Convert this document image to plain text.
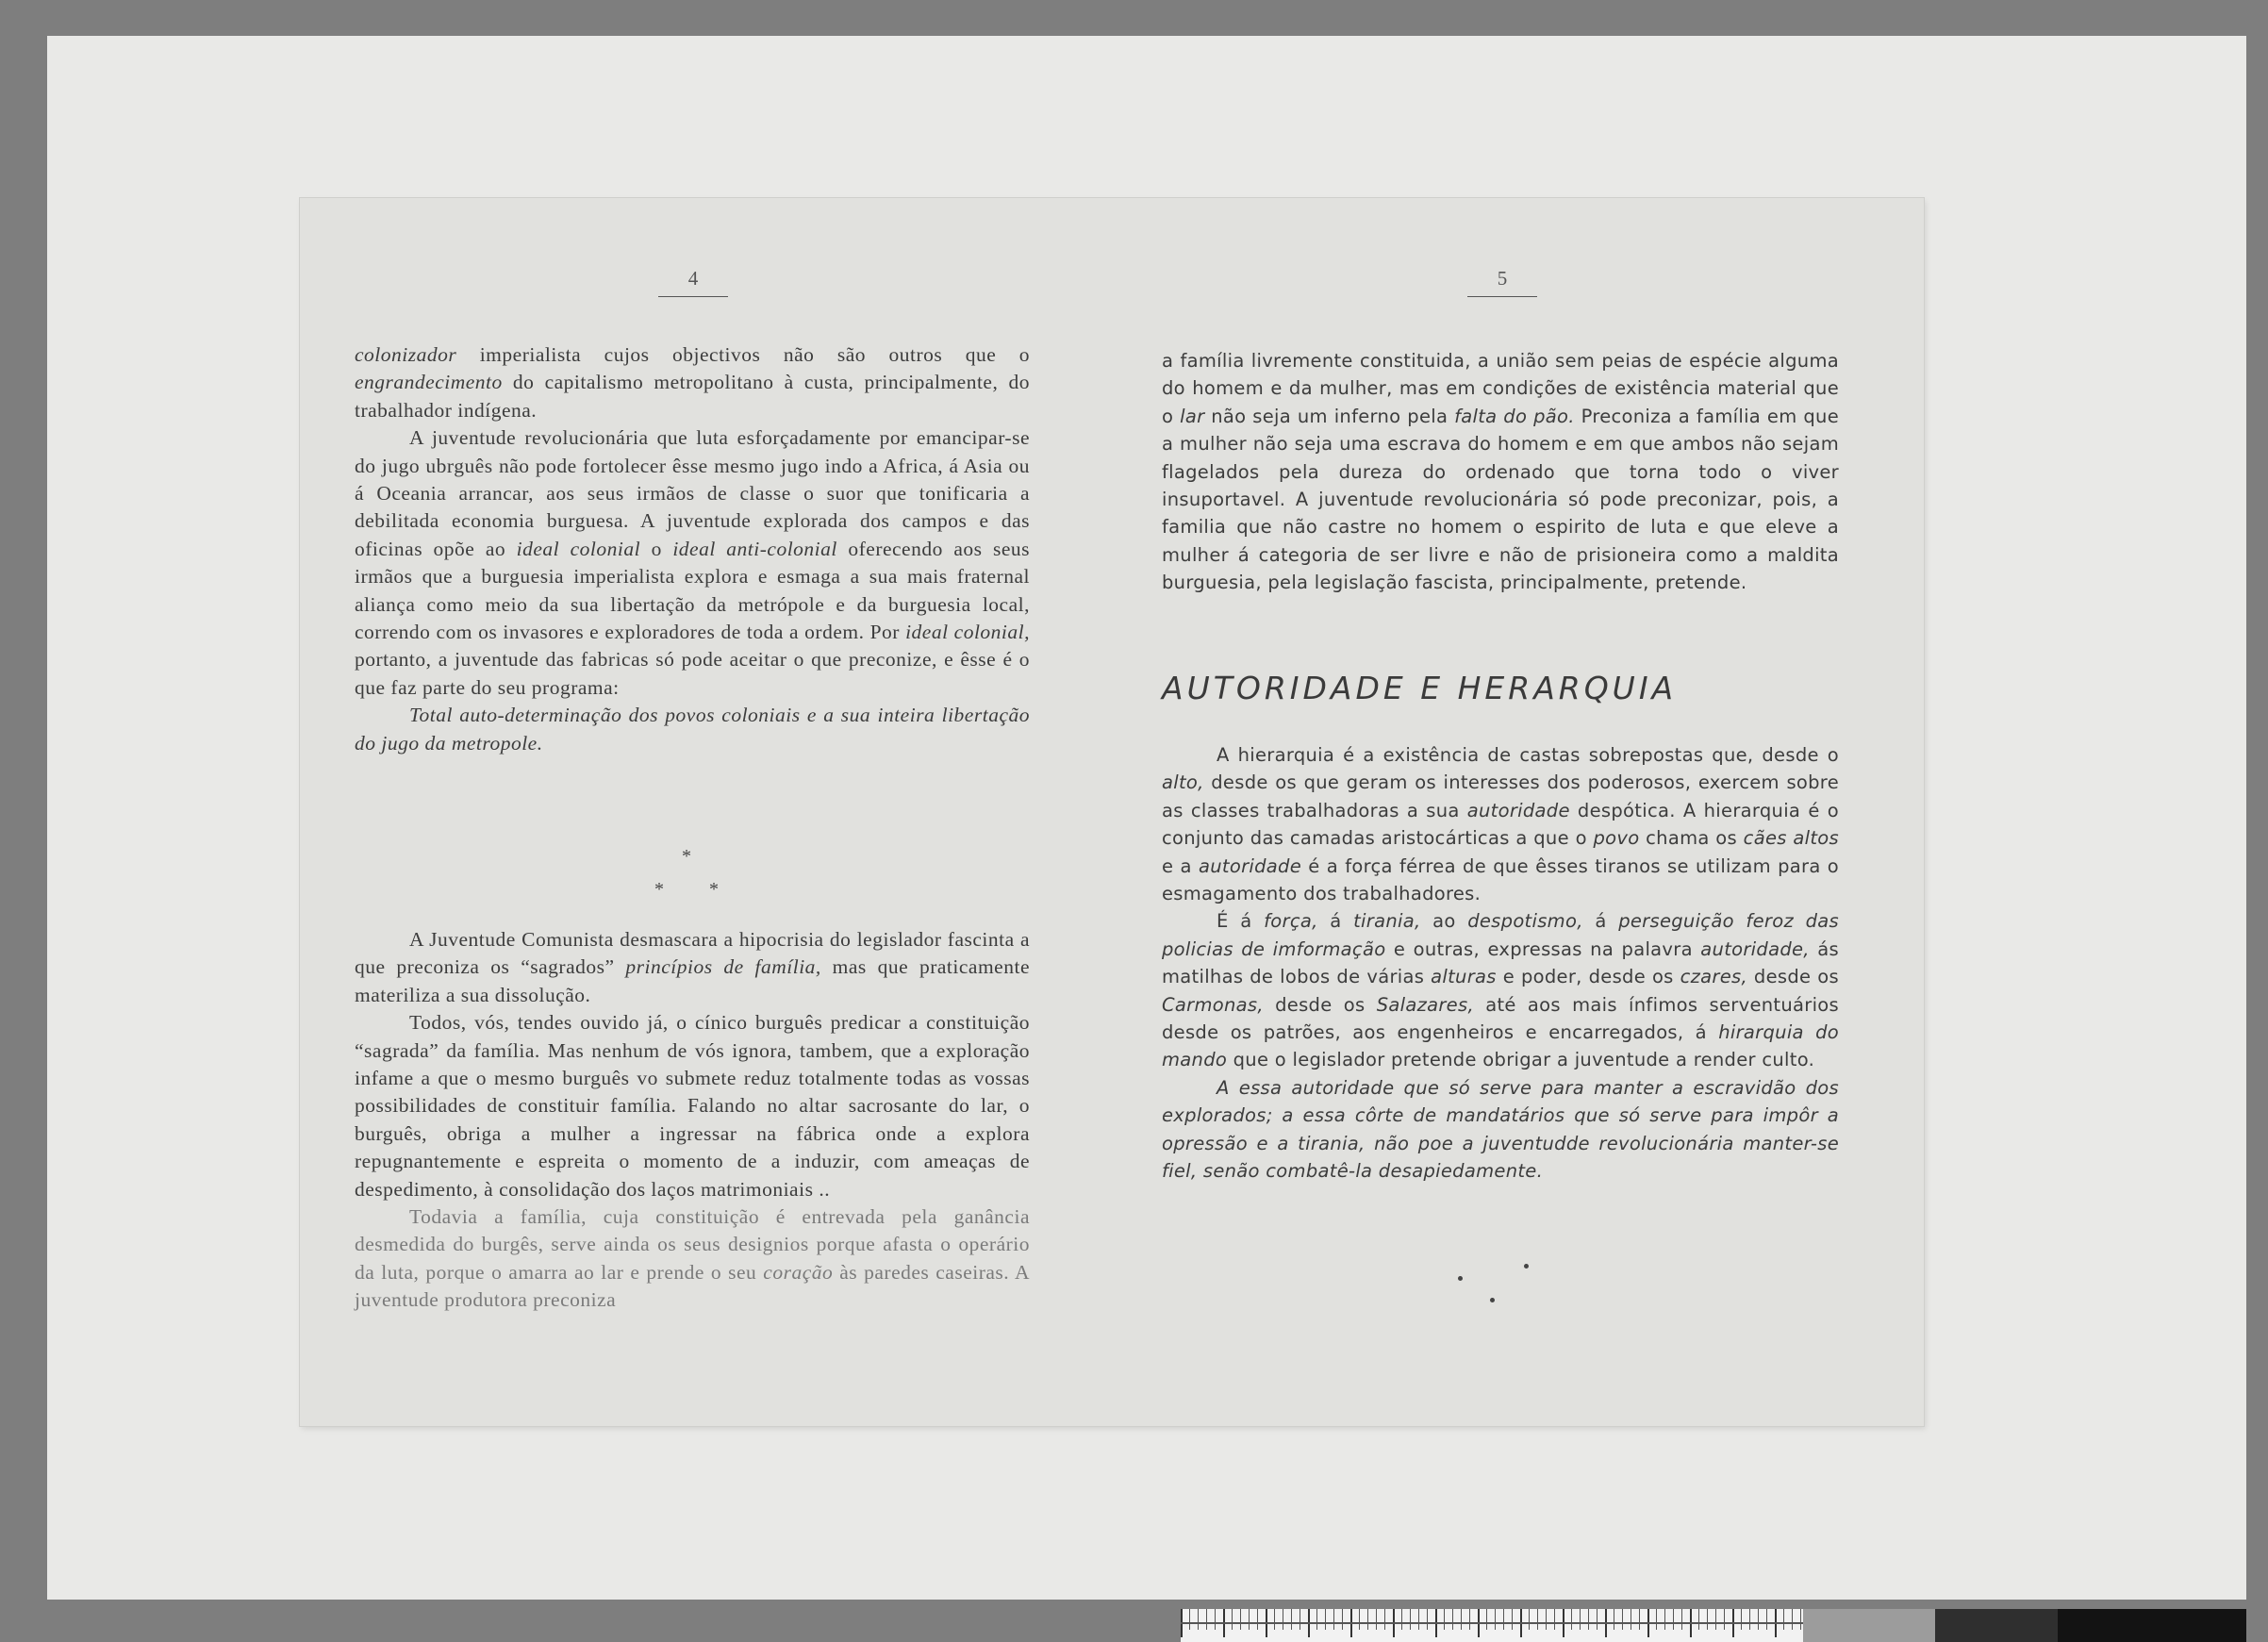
4	5

colonizador imperialista cujos objectivos não são outros que o engrandecimento do capitalismo metropolitano à custa, principalmente, do trabalhador indígena.

A juventude revolucionária que luta esforçadamente por emancipar-se do jugo ubrguês não pode fortolecer êsse mesmo jugo indo a Africa, á Asia ou á Oceania arrancar, aos seus irmãos de classe o suor que tonificaria a debilitada economia burguesa. A juventude explorada dos campos e das oficinas opõe ao ideal colonial o ideal anti-colonial oferecendo aos seus irmãos que a burguesia imperialista explora e esmaga a sua mais fraternal aliança como meio da sua libertação da metrópole e da burguesia local, correndo com os invasores e exploradores de toda a ordem. Por ideal colonial, portanto, a juventude das fabricas só pode aceitar o que preconize, e êsse é o que faz parte do seu programa:

Total auto-determinação dos povos coloniais e a sua inteira libertação do jugo da metropole.

*
* *

A Juventude Comunista desmascara a hipocrisia do legislador fascinta a que preconiza os “sagrados” princípios de família, mas que praticamente materiliza a sua dissolução.

Todos, vós, tendes ouvido já, o cínico burguês predicar a constituição “sagrada” da família. Mas nenhum de vós ignora, tambem, que a exploração infame a que o mesmo burguês vo submete reduz totalmente todas as vossas possibilidades de constituir família. Falando no altar sacrosante do lar, o burguês, obriga a mulher a ingressar na fábrica onde a explora repugnantemente e espreita o momento de a induzir, com ameaças de despedimento, à consolidação dos laços matrimoniais ..

Todavia a família, cuja constituição é entrevada pela ganância desmedida do burgês, serve ainda os seus designios porque afasta o operário da luta, porque o amarra ao lar e prende o seu coração às paredes caseiras. A juventude produtora preconiza

a família livremente constituida, a união sem peias de espécie alguma do homem e da mulher, mas em condições de existência material que o lar não seja um inferno pela falta do pão. Preconiza a família em que a mulher não seja uma escrava do homem e em que ambos não sejam flagelados pela dureza do ordenado que torna todo o viver insuportavel. A juventude revolucionária só pode preconizar, pois, a familia que não castre no homem o espirito de luta e que eleve a mulher á categoria de ser livre e não de prisioneira como a maldita burguesia, pela legislação fascista, principalmente, pretende.

AUTORIDADE E HERARQUIA

A hierarquia é a existência de castas sobrepostas que, desde o alto, desde os que geram os interesses dos poderosos, exercem sobre as classes trabalhadoras a sua autoridade despótica. A hierarquia é o conjunto das camadas aristocárticas a que o povo chama os cães altos e a autoridade é a força férrea de que êsses tiranos se utilizam para o esmagamento dos trabalhadores.

É á força, á tirania, ao despotismo, á perseguição feroz das policias de imformação e outras, expressas na palavra autoridade, ás matilhas de lobos de várias alturas e poder, desde os czares, desde os Carmonas, desde os Salazares, até aos mais ínfimos serventuários desde os patrões, aos engenheiros e encarregados, á hirarquia do mando que o legislador pretende obrigar a juventude a render culto.

A essa autoridade que só serve para manter a escravidão dos explorados; a essa côrte de mandatários que só serve para impôr a opressão e a tirania, não poe a juventudde revolucionária manter-se fiel, senão combatê-la desapiedamente.
